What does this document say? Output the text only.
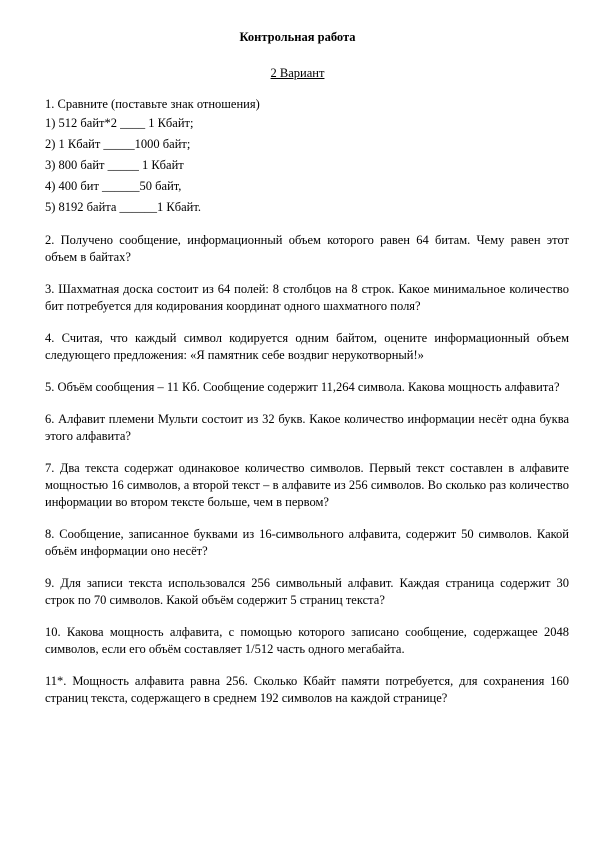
Контрольная работа

2 Вариант

1. Сравните (поставьте знак отношения)

1) 512 байт*2 ____ 1 Кбайт;

2) 1 Кбайт _____1000 байт;

3) 800 байт _____ 1 Кбайт

4) 400 бит ______50 байт,

5) 8192 байта ______1 Кбайт.

2. Получено сообщение, информационный объем которого равен 64 битам. Чему равен этот объем в байтах?

3. Шахматная доска состоит из 64 полей: 8 столбцов на 8 строк. Какое минимальное количество бит потребуется для кодирования координат одного шахматного поля?

4. Считая, что каждый символ кодируется одним байтом, оцените информационный объем следующего предложения: «Я памятник себе воздвиг нерукотворный!»

5. Объём сообщения – 11 Кб. Сообщение содержит 11,264 символа. Какова мощность алфавита?

6. Алфавит племени Мульти состоит из 32 букв. Какое количество информации несёт одна буква этого алфавита?

7. Два текста содержат одинаковое количество символов. Первый текст составлен в алфавите мощностью 16 символов, а второй текст – в алфавите из 256 символов. Во сколько раз количество информации во втором тексте больше, чем в первом?

8. Сообщение, записанное буквами из 16-символьного алфавита, содержит 50 символов. Какой объём информации оно несёт?

9. Для записи текста использовался 256 символьный алфавит. Каждая страница содержит 30 строк по 70 символов. Какой объём содержит 5 страниц текста?

10. Какова мощность алфавита, с помощью которого записано сообщение, содержащее 2048 символов, если его объём составляет 1/512 часть одного мегабайта.

11*. Мощность алфавита равна 256. Сколько Кбайт памяти потребуется, для сохранения 160 страниц текста, содержащего в среднем 192 символов на каждой странице?
